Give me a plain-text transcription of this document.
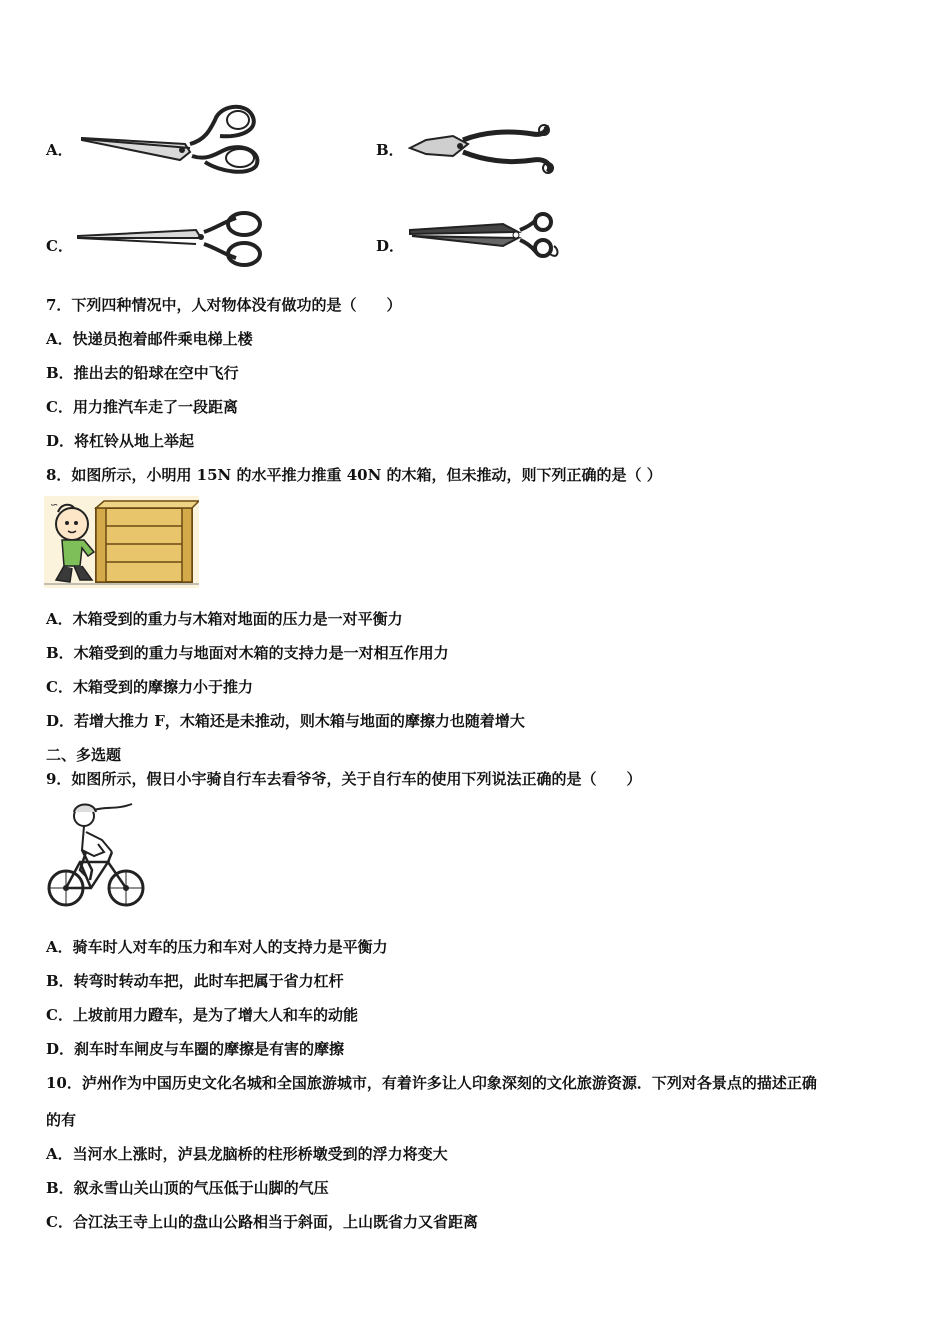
A．	B．
C．	D．
7．下列四种情况中，人对物体没有做功的是（　　）
A．快递员抱着邮件乘电梯上楼
B．推出去的铅球在空中飞行
C．用力推汽车走了一段距离
D．将杠铃从地上举起
8．如图所示，小明用 15N 的水平推力推重 40N 的木箱，但未推动，则下列正确的是（ ）
∽
A．木箱受到的重力与木箱对地面的压力是一对平衡力
B．木箱受到的重力与地面对木箱的支持力是一对相互作用力
C．木箱受到的摩擦力小于推力
D．若增大推力 F，木箱还是未推动，则木箱与地面的摩擦力也随着增大
二、多选题
9．如图所示，假日小宇骑自行车去看爷爷，关于自行车的使用下列说法正确的是（　　）
A．骑车时人对车的压力和车对人的支持力是平衡力
B．转弯时转动车把，此时车把属于省力杠杆
C．上坡前用力蹬车，是为了增大人和车的动能
D．刹车时车闸皮与车圈的摩擦是有害的摩擦
10．泸州作为中国历史文化名城和全国旅游城市，有着许多让人印象深刻的文化旅游资源．下列对各景点的描述正确
的有
A．当河水上涨时，泸县龙脑桥的柱形桥墩受到的浮力将变大
B．叙永雪山关山顶的气压低于山脚的气压
C．合江法王寺上山的盘山公路相当于斜面，上山既省力又省距离
